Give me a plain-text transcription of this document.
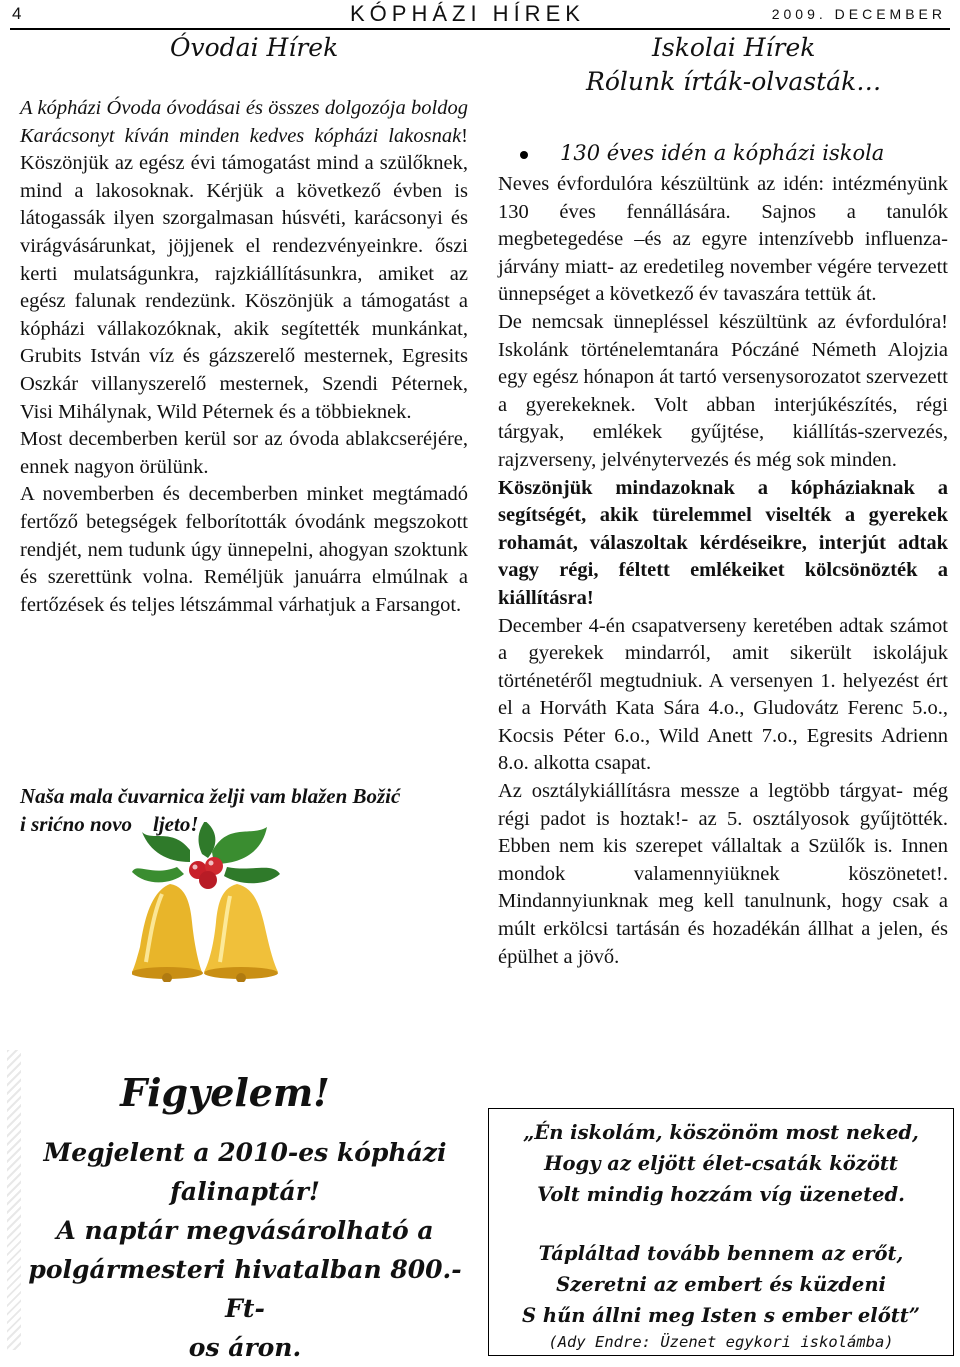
4	KÓPHÁZI HÍREK	2009. DECEMBER
Óvodai Hírek

A kópházi Óvoda óvodásai és összes dolgozója boldog Karácsonyt kíván minden kedves kópházi lakosnak! Köszönjük az egész évi támogatást mind a szülőknek, mind a lakosoknak. Kérjük a következő évben is látogassák ilyen szorgalmasan húsvéti, karácsonyi és virágvásárunkat, jöjjenek el rendezvényeinkre. őszi kerti mulatságunkra, rajzkiállításunkra, amiket az egész falunak rendezünk. Köszönjük a támogatást a kópházi vállakozóknak, akik segítették munkánkat, Grubits István víz és gázszerelő mesternek, Egresits Oszkár villanyszerelő mesternek, Szendi Péternek, Visi Mihálynak, Wild Péternek és a többieknek.

Most decemberben kerül sor az óvoda ablakcseréjére, ennek nagyon örülünk.

A novemberben és decemberben minket megtámadó fertőző betegségek felborították óvodánk megszokott rendjét, nem tudunk úgy ünnepelni, ahogyan szoktunk és szerettünk volna. Reméljük januárra elmúlnak a fertőzések és teljes létszámmal várhatjuk a Farsangot.

Naša mala čuvarnica želji vam blažen Božić
i srićno novo    ljeto!
Figyelem!
Megjelent a 2010-es kópházi
falinaptár!
A naptár megvásárolható a
polgármesteri hivatalban 800.- Ft-
os áron.
Iskolai Hírek
Rólunk írták-olvasták…
130 éves idén a kópházi iskola

Neves évfordulóra készültünk az idén: intézményünk 130 éves fennállására. Sajnos a tanulók megbetegedése –és az egyre intenzívebb influenza-járvány miatt- az eredetileg november végére tervezett ünnepséget a következő év tavaszára tettük át.

De nemcsak ünnepléssel készültünk az évfordulóra! Iskolánk történelemtanára Póczáné Németh Alojzia egy egész hónapon át tartó versenysorozatot szervezett a gyerekeknek. Volt abban interjúkészítés, régi tárgyak, emlékek gyűjtése, kiállítás-szervezés, rajzverseny, jelvénytervezés és még sok minden.

Köszönjük mindazoknak a kópháziaknak a segítségét, akik türelemmel viselték a gyerekek rohamát, válaszoltak kérdéseikre, interjút adtak vagy régi, féltett emlékeiket kölcsönözték a kiállításra!

December 4-én csapatverseny keretében adtak számot a gyerekek mindarról, amit sikerült iskolájuk történetéről megtudniuk. A versenyen 1. helyezést ért el a Horváth Kata Sára 4.o., Gludovátz Ferenc 5.o., Kocsis Péter 6.o., Wild Anett 7.o., Egresits Adrienn 8.o. alkotta csapat.

Az osztálykiállításra messze a legtöbb tárgyat- még régi padot is hoztak!- az 5. osztályosok gyűjtötték. Ebben nem kis szerepet vállaltak a Szülők is. Innen mondok valamennyiüknek köszönetet!. Mindannyiunknak meg kell tanulnunk, hogy csak a múlt erkölcsi tartásán és hozadékán állhat a jelen, és épülhet a jövő.

„Én iskolám, köszönöm most neked,
Hogy az eljött élet-csaták között
Volt mindig hozzám víg üzeneted.
Tápláltad tovább bennem az erőt,
Szeretni az embert és küzdeni
S hűn állni meg Isten s ember előtt”
(Ady Endre: Üzenet egykori iskolámba)
